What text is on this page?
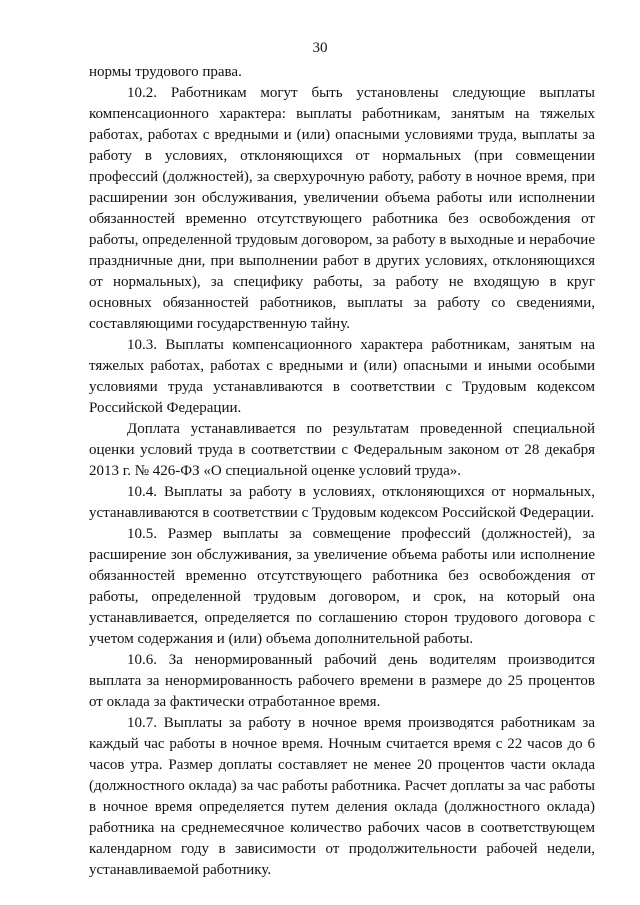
30

нормы трудового права.

10.2. Работникам могут быть установлены следующие выплаты компенсационного характера: выплаты работникам, занятым на тяжелых работах, работах с вредными и (или) опасными условиями труда, выплаты за работу в условиях, отклоняющихся от нормальных (при совмещении профессий (должностей), за сверхурочную работу, работу в ночное время, при расширении зон обслуживания, увеличении объема работы или исполнении обязанностей временно отсутствующего работника без освобождения от работы, определенной трудовым договором, за работу в выходные и нерабочие праздничные дни, при выполнении работ в других условиях, отклоняющихся от нормальных), за специфику работы, за работу не входящую в круг основных обязанностей работников, выплаты за работу со сведениями, составляющими государственную тайну.

10.3. Выплаты компенсационного характера работникам, занятым на тяжелых работах, работах с вредными и (или) опасными и иными особыми условиями труда устанавливаются в соответствии с Трудовым кодексом Российской Федерации.

Доплата устанавливается по результатам проведенной специальной оценки условий труда в соответствии с Федеральным законом от 28 декабря 2013 г. № 426-ФЗ «О специальной оценке условий труда».

10.4. Выплаты за работу в условиях, отклоняющихся от нормальных, устанавливаются в соответствии с Трудовым кодексом Российской Федерации.

10.5. Размер выплаты за совмещение профессий (должностей), за расширение зон обслуживания, за увеличение объема работы или исполнение обязанностей временно отсутствующего работника без освобождения от работы, определенной трудовым договором, и срок, на который она устанавливается, определяется по соглашению сторон трудового договора с учетом содержания и (или) объема дополнительной работы.

10.6. За ненормированный рабочий день водителям производится выплата за ненормированность рабочего времени в размере до 25 процентов от оклада за фактически отработанное время.

10.7. Выплаты за работу в ночное время производятся работникам за каждый час работы в ночное время. Ночным считается время с 22 часов до 6 часов утра. Размер доплаты составляет не менее 20 процентов части оклада (должностного оклада) за час работы работника. Расчет доплаты за час работы в ночное время определяется путем деления оклада (должностного оклада) работника на среднемесячное количество рабочих часов в соответствующем календарном году в зависимости от продолжительности рабочей недели, устанавливаемой работнику.
